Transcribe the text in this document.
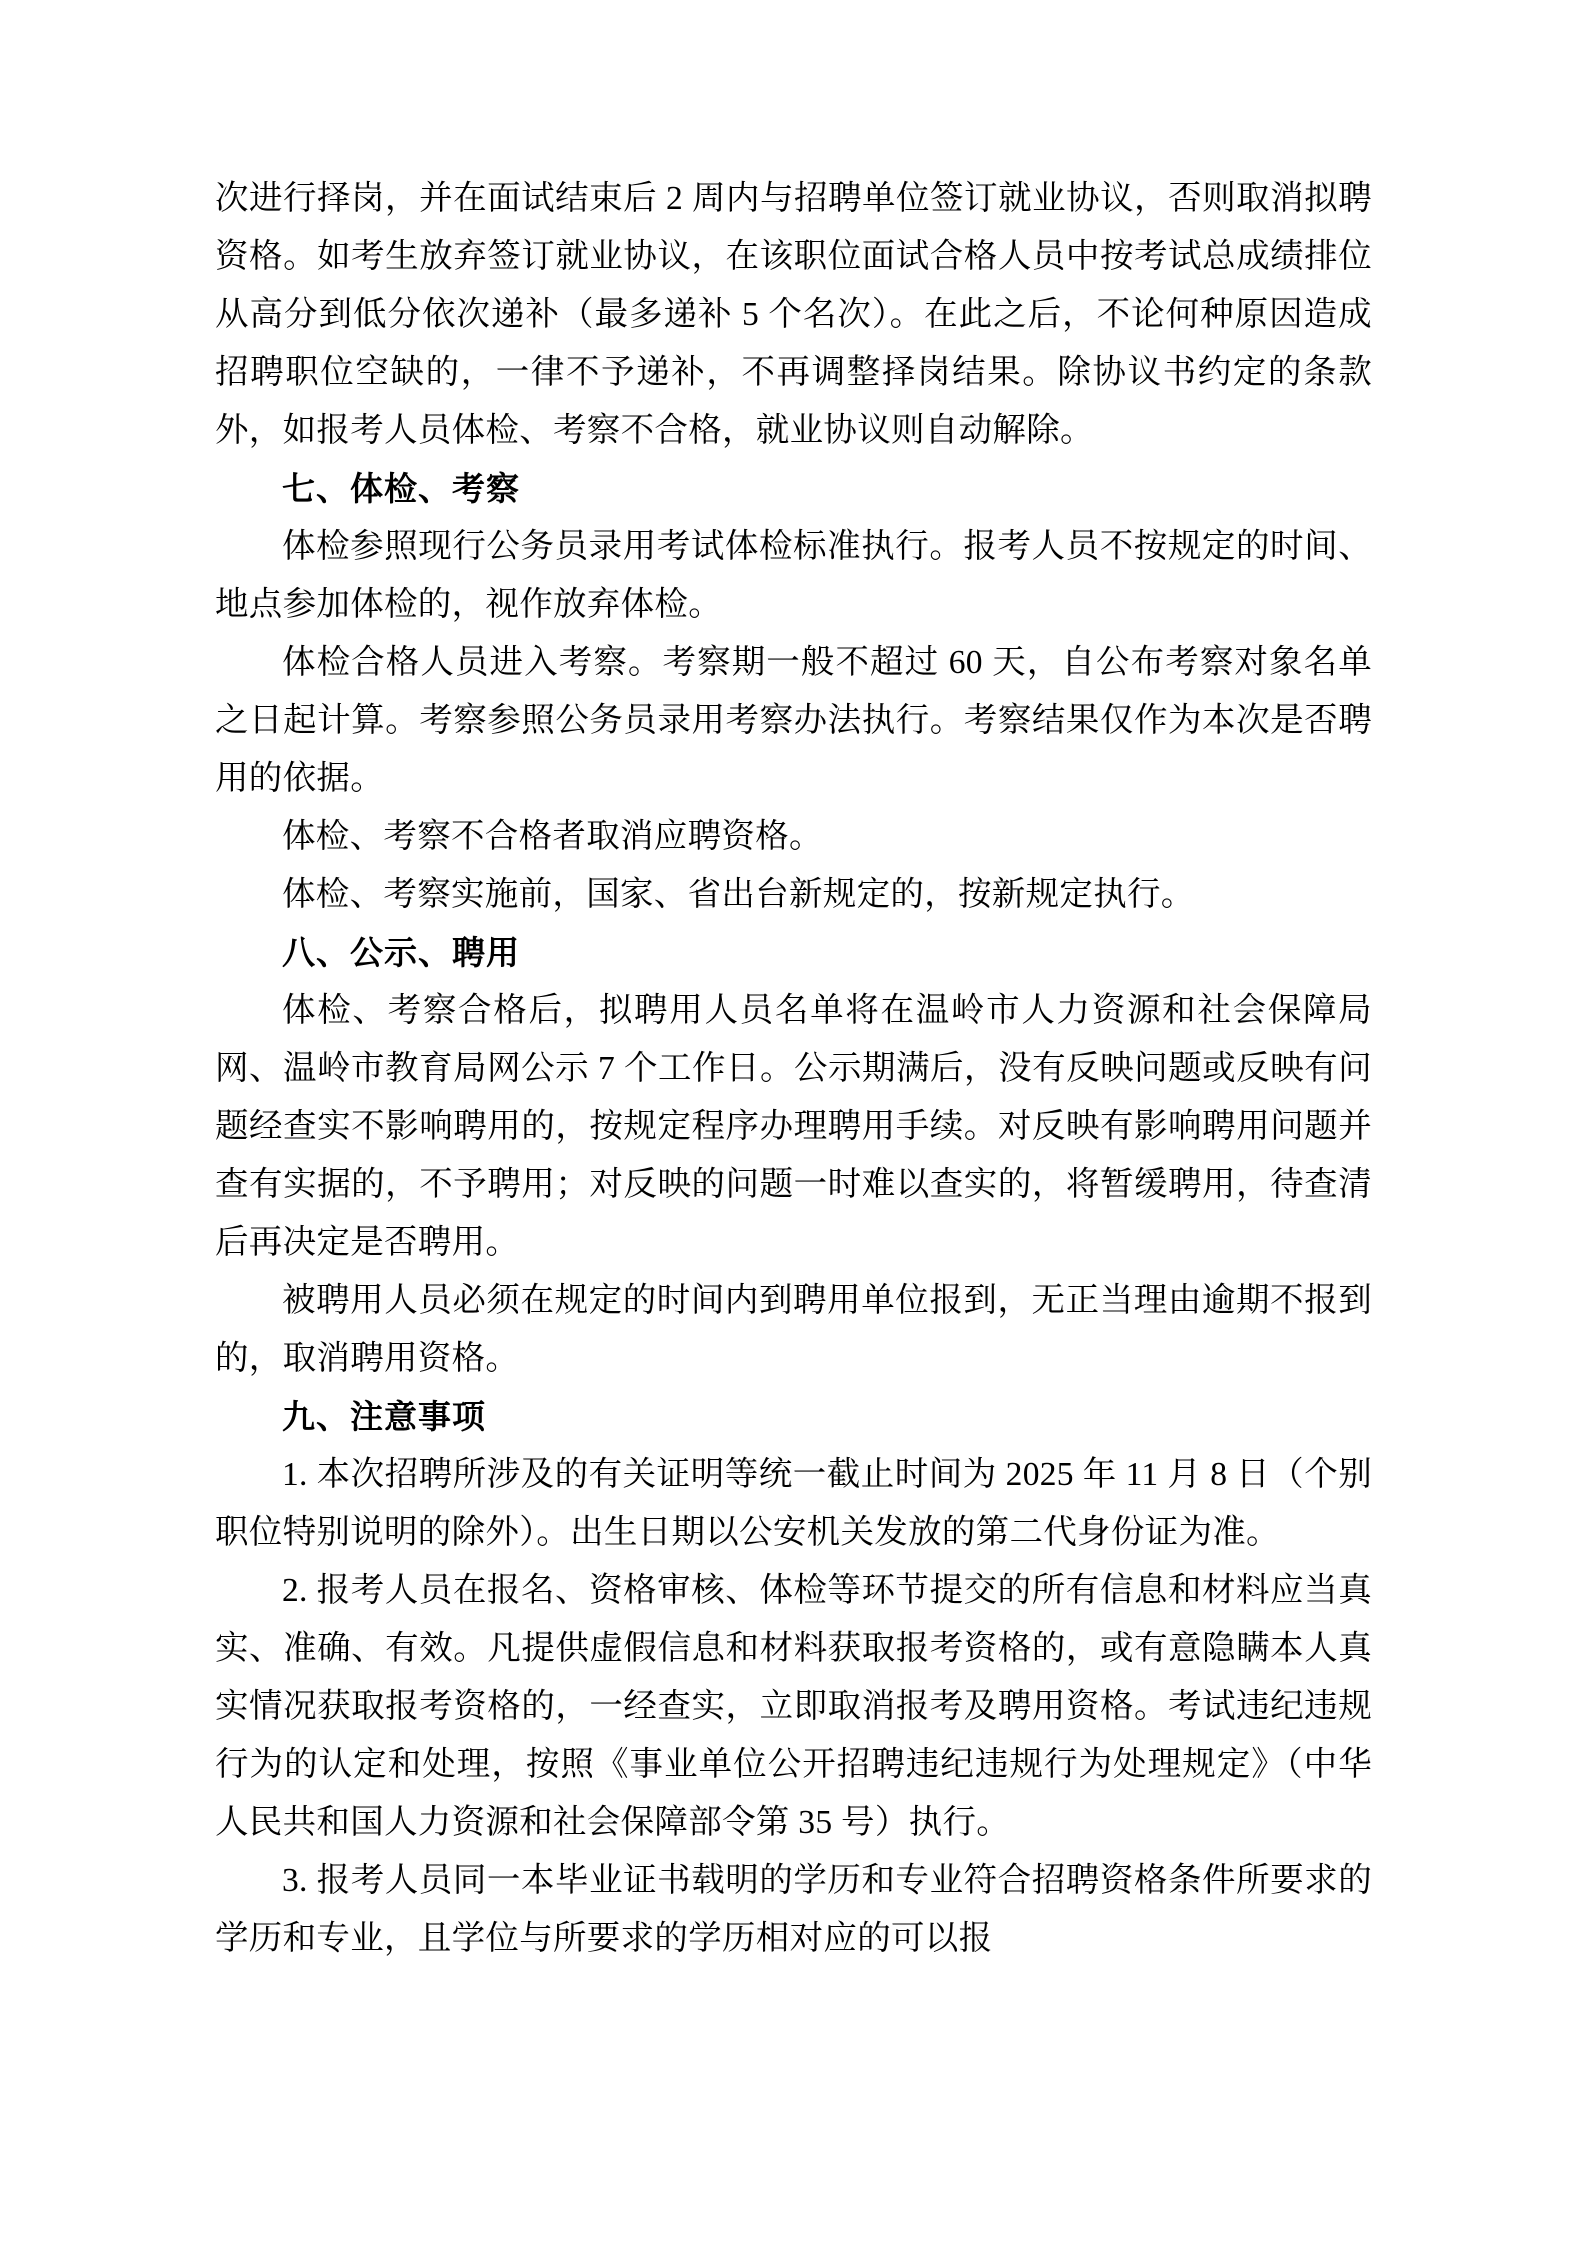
次进行择岗，并在面试结束后 2 周内与招聘单位签订就业协议，否则取消拟聘资格。如考生放弃签订就业协议，在该职位面试合格人员中按考试总成绩排位从高分到低分依次递补（最多递补 5 个名次）。在此之后，不论何种原因造成招聘职位空缺的，一律不予递补，不再调整择岗结果。除协议书约定的条款外，如报考人员体检、考察不合格，就业协议则自动解除。

七、体检、考察

体检参照现行公务员录用考试体检标准执行。报考人员不按规定的时间、地点参加体检的，视作放弃体检。

体检合格人员进入考察。考察期一般不超过 60 天，自公布考察对象名单之日起计算。考察参照公务员录用考察办法执行。考察结果仅作为本次是否聘用的依据。

体检、考察不合格者取消应聘资格。

体检、考察实施前，国家、省出台新规定的，按新规定执行。

八、公示、聘用

体检、考察合格后，拟聘用人员名单将在温岭市人力资源和社会保障局网、温岭市教育局网公示 7 个工作日。公示期满后，没有反映问题或反映有问题经查实不影响聘用的，按规定程序办理聘用手续。对反映有影响聘用问题并查有实据的，不予聘用；对反映的问题一时难以查实的，将暂缓聘用，待查清后再决定是否聘用。

被聘用人员必须在规定的时间内到聘用单位报到，无正当理由逾期不报到的，取消聘用资格。

九、注意事项

1. 本次招聘所涉及的有关证明等统一截止时间为 2025 年 11 月 8 日（个别职位特别说明的除外）。出生日期以公安机关发放的第二代身份证为准。

2. 报考人员在报名、资格审核、体检等环节提交的所有信息和材料应当真实、准确、有效。凡提供虚假信息和材料获取报考资格的，或有意隐瞒本人真实情况获取报考资格的，一经查实，立即取消报考及聘用资格。考试违纪违规行为的认定和处理，按照《事业单位公开招聘违纪违规行为处理规定》（中华人民共和国人力资源和社会保障部令第 35 号）执行。

3. 报考人员同一本毕业证书载明的学历和专业符合招聘资格条件所要求的学历和专业，且学位与所要求的学历相对应的可以报
